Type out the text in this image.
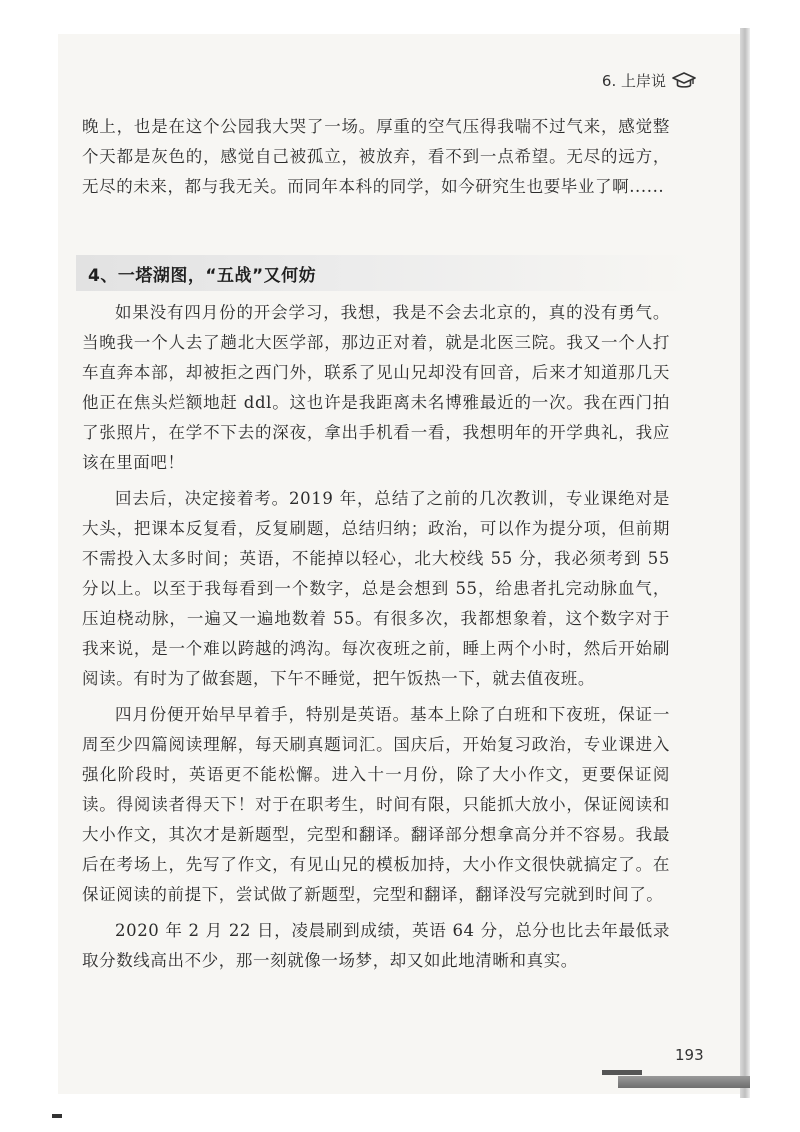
6. 上岸说

晚上，也是在这个公园我大哭了一场。厚重的空气压得我喘不过气来，感觉整个天都是灰色的，感觉自己被孤立，被放弃，看不到一点希望。无尽的远方，无尽的未来，都与我无关。而同年本科的同学，如今研究生也要毕业了啊......

4、一塔湖图，“五战”又何妨

如果没有四月份的开会学习，我想，我是不会去北京的，真的没有勇气。当晚我一个人去了趟北大医学部，那边正对着，就是北医三院。我又一个人打车直奔本部，却被拒之西门外，联系了见山兄却没有回音，后来才知道那几天他正在焦头烂额地赶 ddl。这也许是我距离未名博雅最近的一次。我在西门拍了张照片，在学不下去的深夜，拿出手机看一看，我想明年的开学典礼，我应该在里面吧！

回去后，决定接着考。2019 年，总结了之前的几次教训，专业课绝对是大头，把课本反复看，反复刷题，总结归纳；政治，可以作为提分项，但前期不需投入太多时间；英语，不能掉以轻心，北大校线 55 分，我必须考到 55 分以上。以至于我每看到一个数字，总是会想到 55，给患者扎完动脉血气，压迫桡动脉，一遍又一遍地数着 55。有很多次，我都想象着，这个数字对于我来说，是一个难以跨越的鸿沟。每次夜班之前，睡上两个小时，然后开始刷阅读。有时为了做套题，下午不睡觉，把午饭热一下，就去值夜班。

四月份便开始早早着手，特别是英语。基本上除了白班和下夜班，保证一周至少四篇阅读理解，每天刷真题词汇。国庆后，开始复习政治，专业课进入强化阶段时，英语更不能松懈。进入十一月份，除了大小作文，更要保证阅读。得阅读者得天下！对于在职考生，时间有限，只能抓大放小，保证阅读和大小作文，其次才是新题型，完型和翻译。翻译部分想拿高分并不容易。我最后在考场上，先写了作文，有见山兄的模板加持，大小作文很快就搞定了。在保证阅读的前提下，尝试做了新题型，完型和翻译，翻译没写完就到时间了。

2020 年 2 月 22 日，凌晨刷到成绩，英语 64 分，总分也比去年最低录取分数线高出不少，那一刻就像一场梦，却又如此地清晰和真实。

193
